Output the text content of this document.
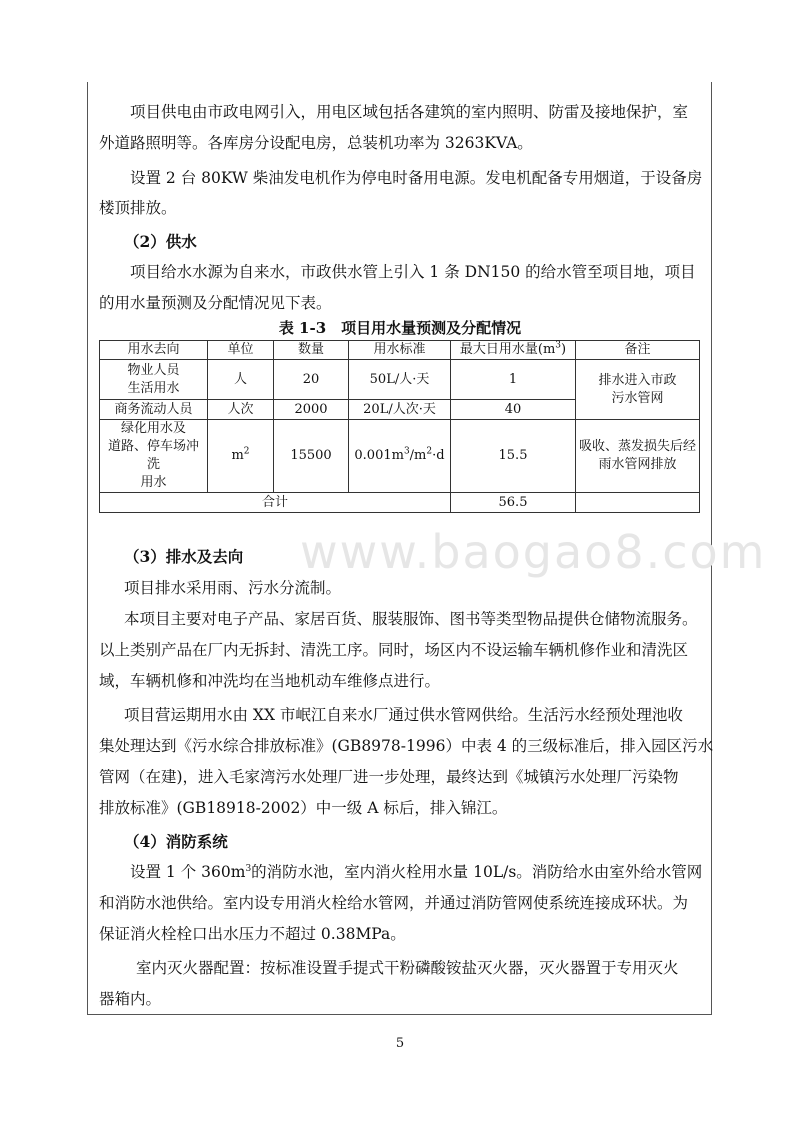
www.baogao8.com
项目供电由市政电网引入，用电区域包括各建筑的室内照明、防雷及接地保护，室
外道路照明等。各库房分设配电房，总装机功率为 3263KVA。
设置 2 台 80KW 柴油发电机作为停电时备用电源。发电机配备专用烟道，于设备房
楼顶排放。
（2）供水
项目给水水源为自来水，市政供水管上引入 1 条 DN150 的给水管至项目地，项目
的用水量预测及分配情况见下表。
表 1-3　项目用水量预测及分配情况
用水去向	单位	数量	用水标准	最大日用水量$(m^3)$	备注
物业人员
生活用水	人	20	50L/人·天	1	排水进入市政
污水管网
商务流动人员	人次	2000	20L/人次·天	40	
绿化用水及
道路、停车场冲洗
用水	$m^2$	15500	$0.001m^3/m^2\cdot d$	15.5	吸收、蒸发损失后经
雨水管网排放
合计				56.5	
（3）排水及去向
项目排水采用雨、污水分流制。
本项目主要对电子产品、家居百货、服装服饰、图书等类型物品提供仓储物流服务。
以上类别产品在厂内无拆封、清洗工序。同时，场区内不设运输车辆机修作业和清洗区
域，车辆机修和冲洗均在当地机动车维修点进行。
项目营运期用水由 XX 市岷江自来水厂通过供水管网供给。生活污水经预处理池收
集处理达到《污水综合排放标准》(GB8978-1996）中表 4 的三级标准后，排入园区污水
管网（在建)，进入毛家湾污水处理厂进一步处理，最终达到《城镇污水处理厂污染物
排放标准》(GB18918-2002）中一级 A 标后，排入锦江。
（4）消防系统
设置 1 个 $360m^3$的消防水池，室内消火栓用水量 10L/s。消防给水由室外给水管网
和消防水池供给。室内设专用消火栓给水管网，并通过消防管网使系统连接成环状。为
保证消火栓栓口出水压力不超过 0.38MPa。
室内灭火器配置：按标准设置手提式干粉磷酸铵盐灭火器，灭火器置于专用灭火
器箱内。
5
